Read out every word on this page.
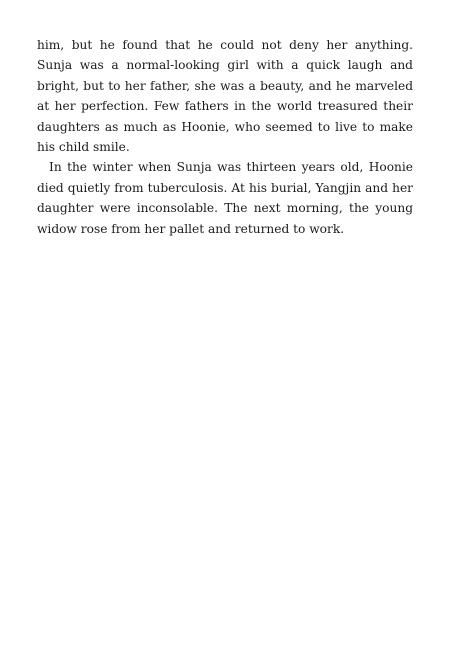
him, but he found that he could not deny her anything. Sunja was a normal-looking girl with a quick laugh and bright, but to her father, she was a beauty, and he marveled at her perfection. Few fathers in the world treasured their daughters as much as Hoonie, who seemed to live to make his child smile.

In the winter when Sunja was thirteen years old, Hoonie died quietly from tuberculosis. At his burial, Yangjin and her daughter were inconsolable. The next morning, the young widow rose from her pallet and returned to work.
